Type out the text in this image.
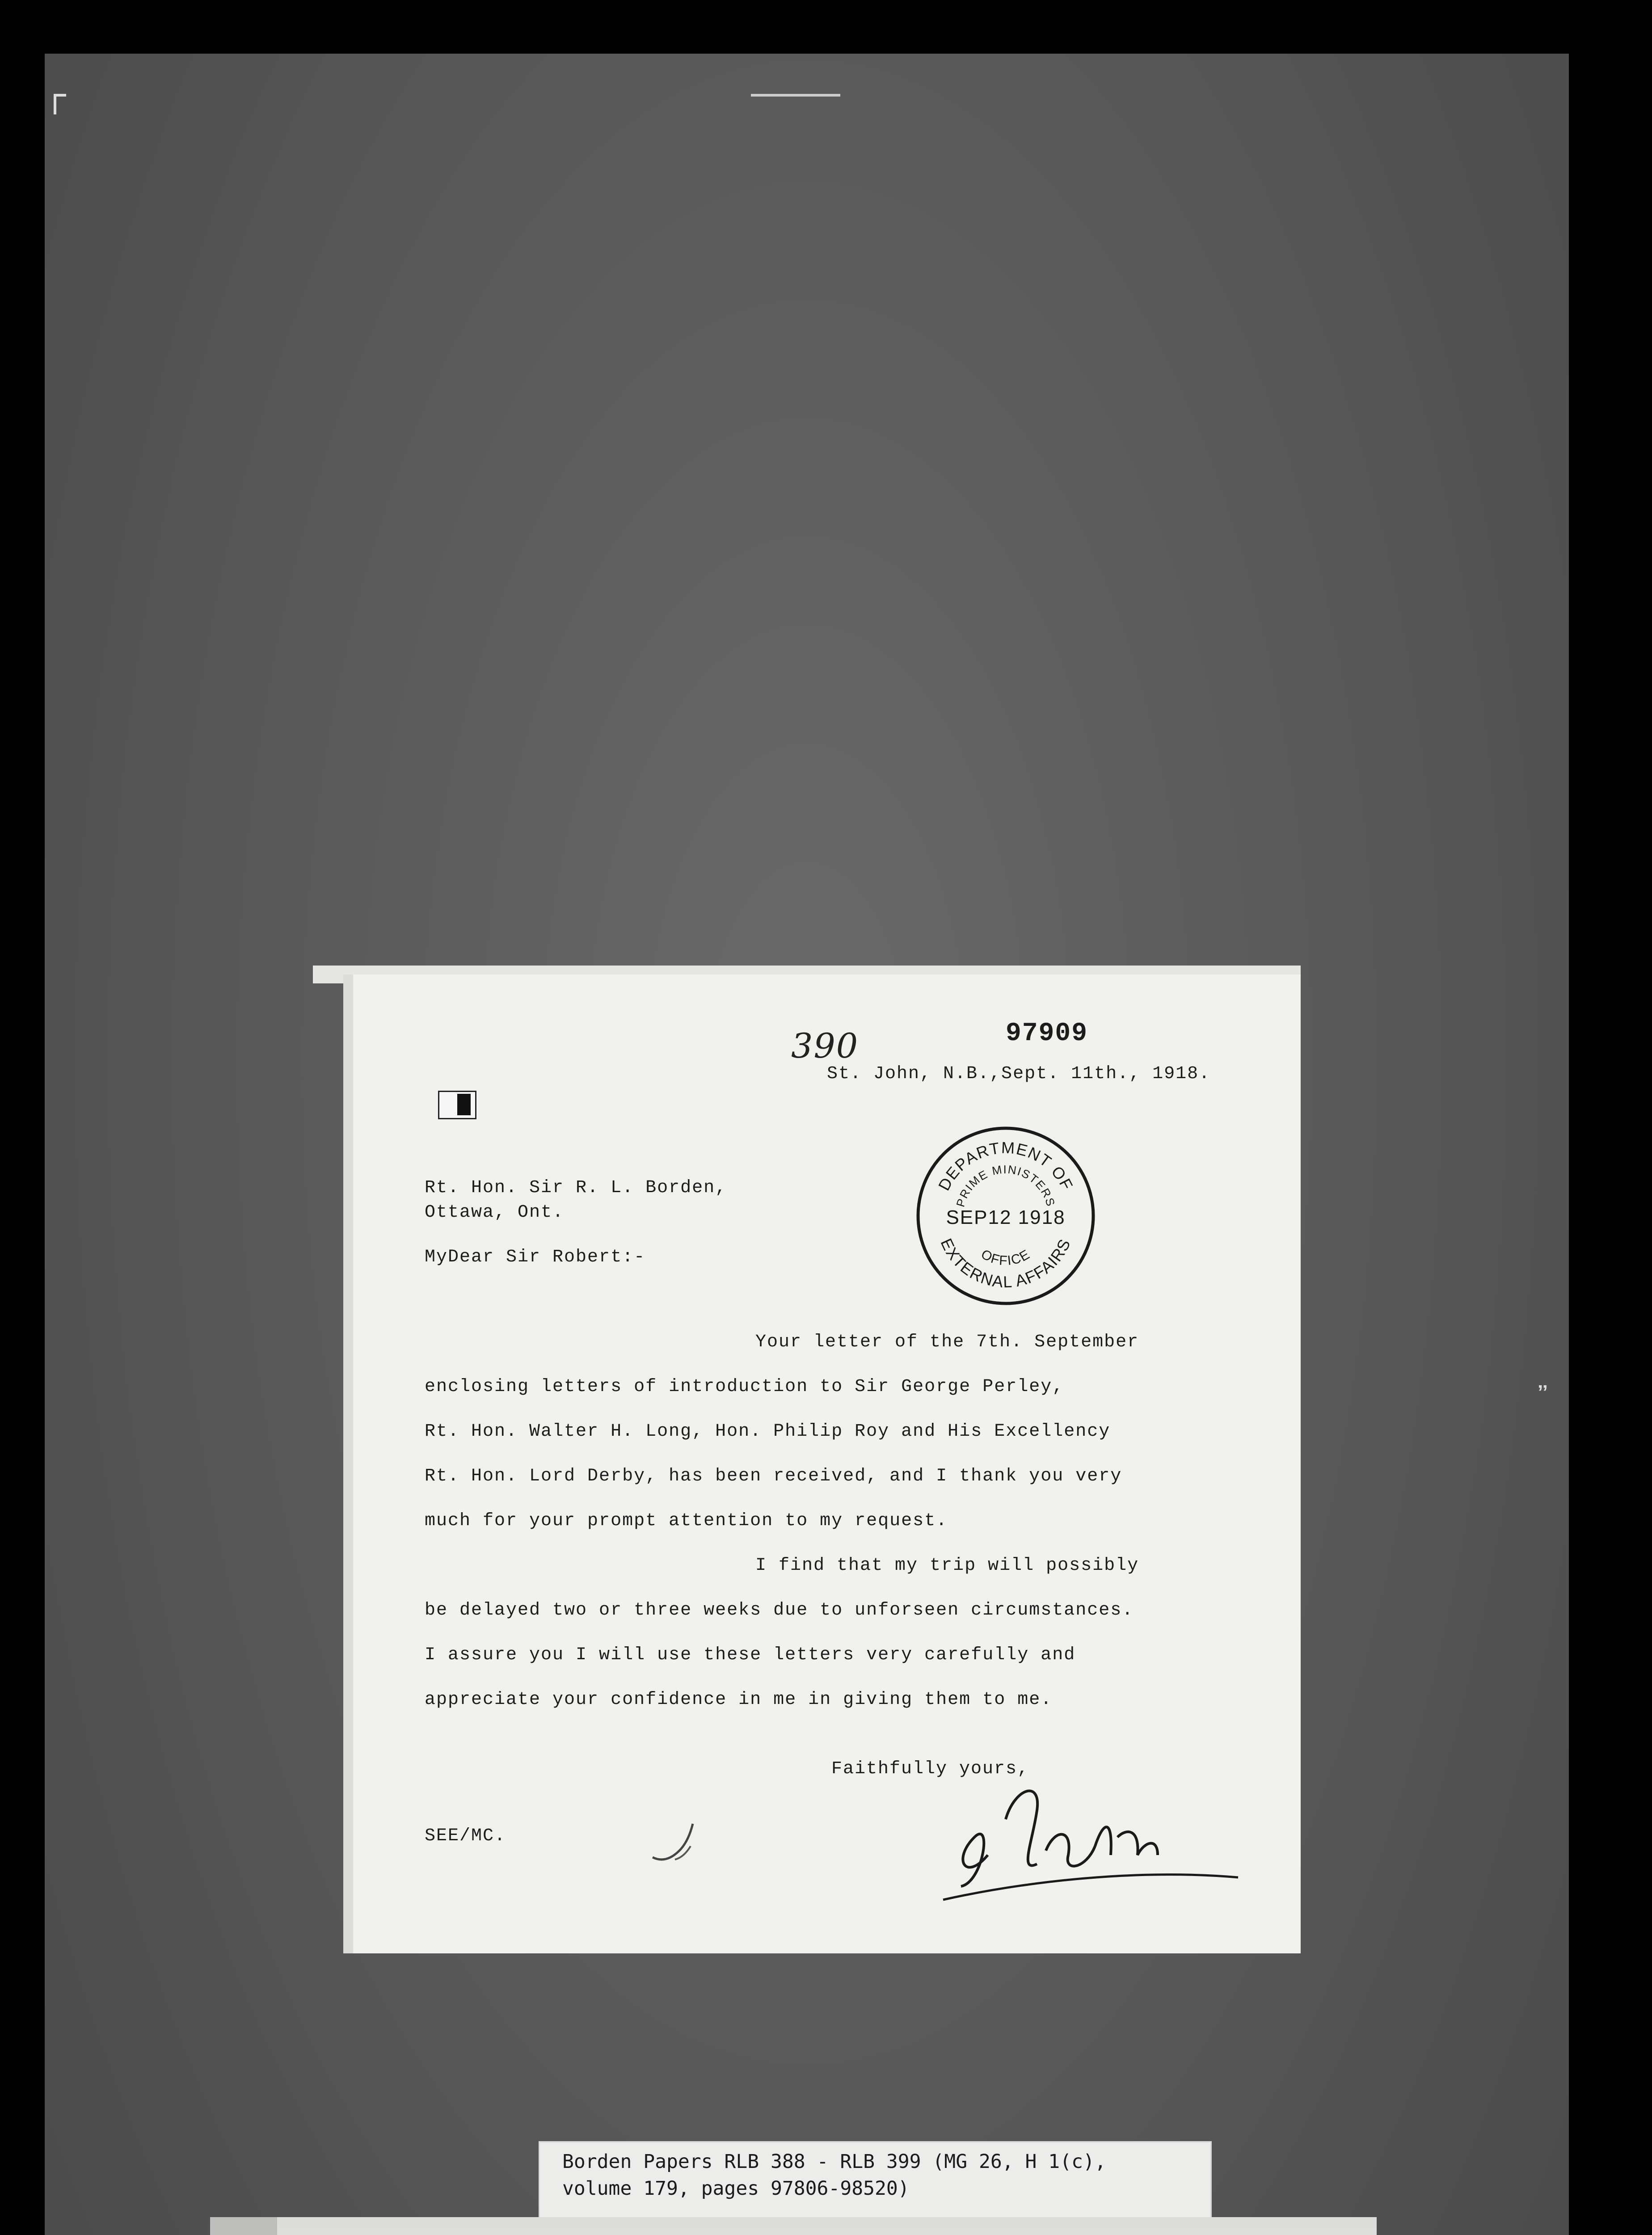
’’
390	97909
St. John, N.B.,Sept. 11th., 1918.
DEPARTMENT OF
PRIME MINISTERS
SEP12 1918
OFFICE
EXTERNAL AFFAIRS
Rt. Hon. Sir R. L. Borden,
Ottawa, Ont.
MyDear Sir Robert:-
Your letter of the 7th. September
enclosing letters of introduction to Sir George Perley,
Rt. Hon. Walter H. Long, Hon. Philip Roy and His Excellency
Rt. Hon. Lord Derby, has been received, and I thank you very
much for your prompt attention to my request.
I find that my trip will possibly
be delayed two or three weeks due to unforseen circumstances.
I assure you I will use these letters very carefully and
appreciate your confidence in me in giving them to me.
Faithfully yours,
SEE/MC.
Borden Papers RLB 388 - RLB 399 (MG 26, H 1(c),
volume 179, pages 97806-98520)
